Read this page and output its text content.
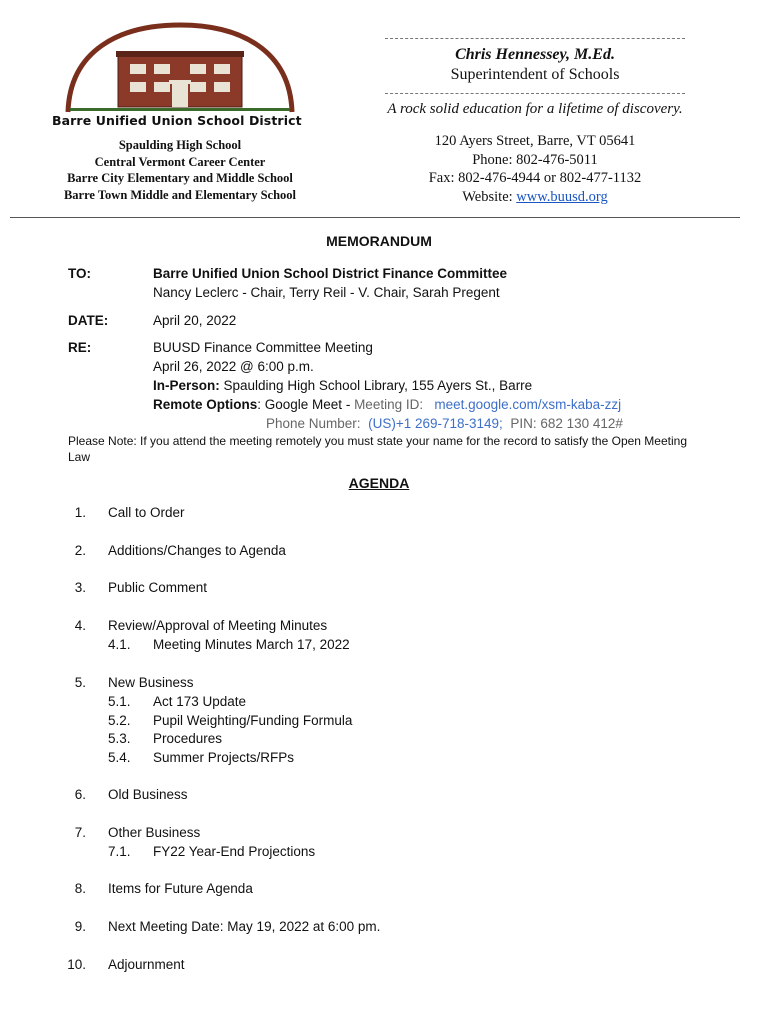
Barre Unified Union School District
Spaulding High School
Central Vermont Career Center
Barre City Elementary and Middle School
Barre Town Middle and Elementary School
Chris Hennessey, M.Ed.
Superintendent of Schools
A rock solid education for a lifetime of discovery.
120 Ayers Street, Barre, VT 05641
Phone: 802-476-5011
Fax: 802-476-4944 or 802-477-1132
Website: www.buusd.org
MEMORANDUM
TO:	Barre Unified Union School District Finance Committee
Nancy Leclerc - Chair, Terry Reil - V. Chair, Sarah Pregent
DATE:	April 20, 2022
RE:	BUUSD Finance Committee Meeting
April 26, 2022 @ 6:00 p.m.
In-Person: Spaulding High School Library, 155 Ayers St., Barre
Remote Options: Google Meet - Meeting ID: meet.google.com/xsm-kaba-zzj
Phone Number: (US)+1 269-718-3149; PIN: 682 130 412#
Please Note: If you attend the meeting remotely you must state your name for the record to satisfy the Open Meeting Law
AGENDA
1. Call to Order
2. Additions/Changes to Agenda
3. Public Comment
4. Review/Approval of Meeting Minutes
4.1. Meeting Minutes March 17, 2022
5. New Business
5.1. Act 173 Update
5.2. Pupil Weighting/Funding Formula
5.3. Procedures
5.4. Summer Projects/RFPs
6. Old Business
7. Other Business
7.1. FY22 Year-End Projections
8. Items for Future Agenda
9. Next Meeting Date: May 19, 2022 at 6:00 pm.
10. Adjournment
